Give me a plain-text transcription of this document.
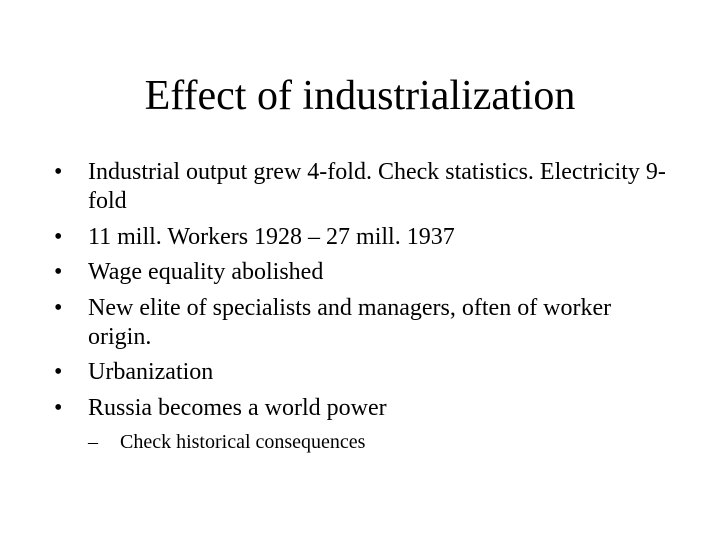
Effect of industrialization
•	Industrial output grew 4-fold. Check statistics. Electricity 9-fold
•	11 mill. Workers 1928 – 27 mill. 1937
•	Wage equality abolished
•	New elite of specialists and managers, often of worker origin.
•	Urbanization
•	Russia becomes a world power
– Check historical consequences
